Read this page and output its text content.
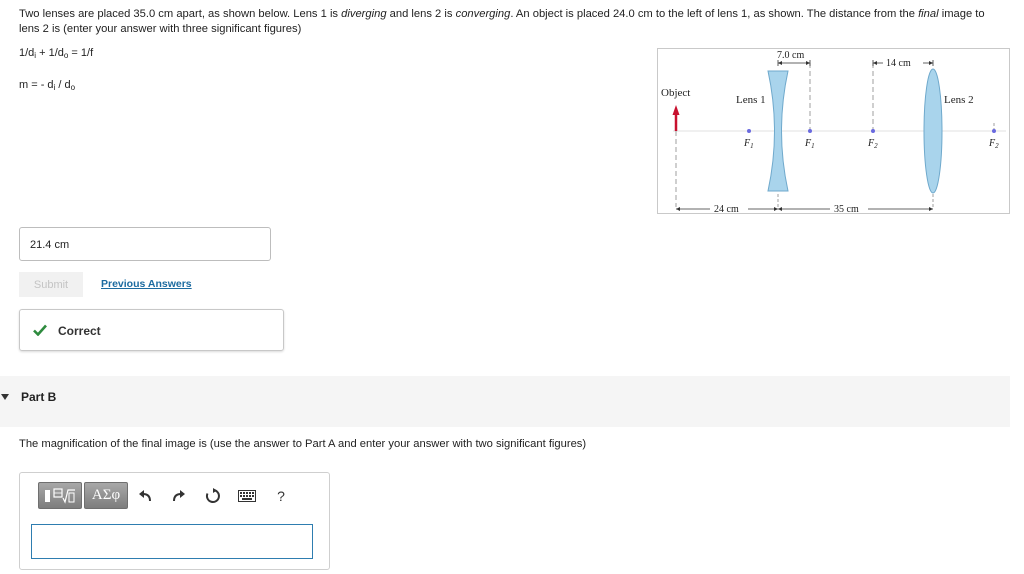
Two lenses are placed 35.0 cm apart, as shown below. Lens 1 is diverging and lens 2 is converging. An object is placed 24.0 cm to the left of lens 1, as shown. The distance from the final image to lens 2 is (enter your answer with three significant figures)
$1/d_i + 1/d_o = 1/f$
m = - $d_i / d_o$	Object
Lens 1	Lens 2
$F_1$	$F_1$	$F_2$	$F_2$
7.0 cm
14 cm
24 cm	35 cm
21.4 cm
Submit	Previous Answers
Correct
Part B
The magnification of the final image is (use the answer to Part A and enter your answer with two significant figures)
ΑΣφ	?
